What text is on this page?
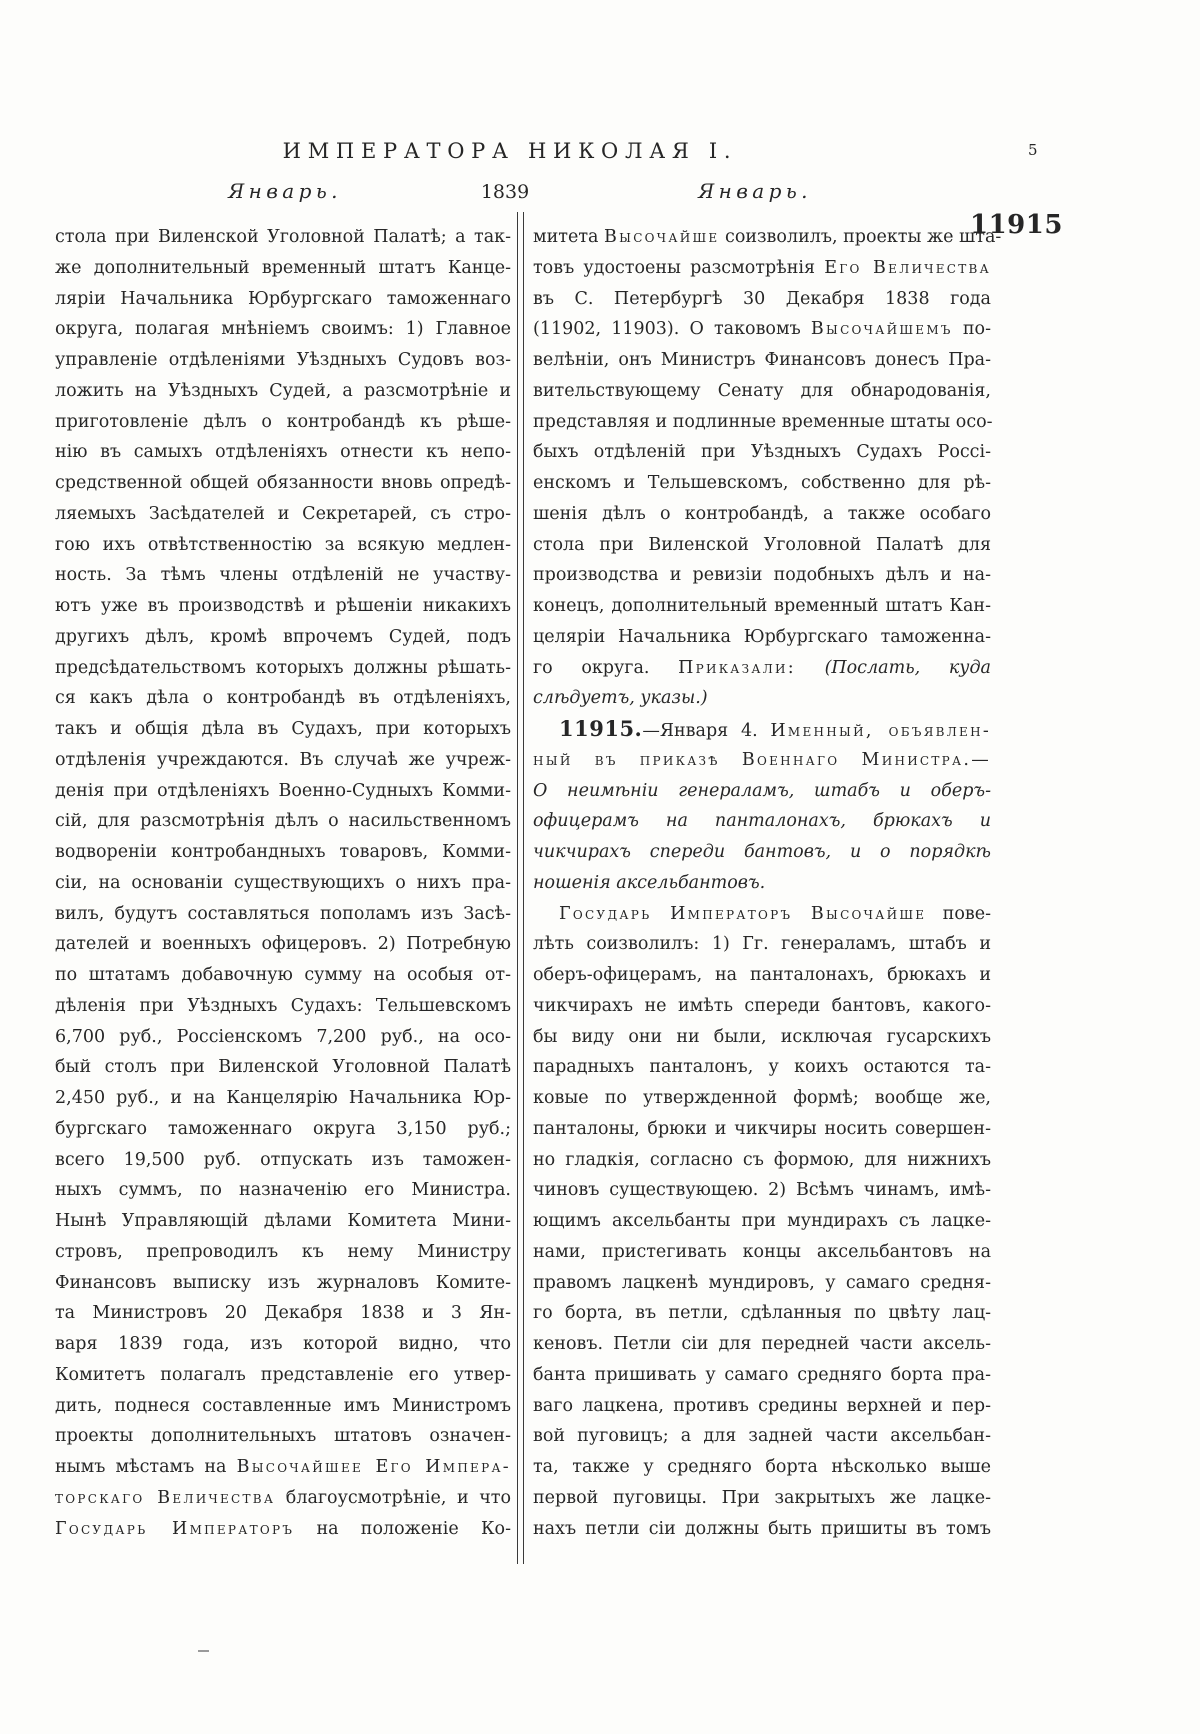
ИМПЕРАТОРА НИКОЛАЯ I.	5
Январь.	1839	Январь.
11915
стола при Виленской Уголовной Палатѣ; а так-
же дополнительный временный штатъ Канце-
ляріи Начальника Юрбургскаго таможеннаго
округа, полагая мнѣніемъ своимъ: 1) Главное
управленіе отдѣленіями Уѣздныхъ Судовъ воз-
ложить на Уѣздныхъ Судей, а разсмотрѣніе и
приготовленіе дѣлъ о контробандѣ къ рѣше-
нію въ самыхъ отдѣленіяхъ отнести къ непо-
средственной общей обязанности вновь опредѣ-
ляемыхъ Засѣдателей и Секретарей, съ стро-
гою ихъ отвѣтственностію за всякую медлен-
ность. За тѣмъ члены отдѣленій не участву-
ютъ уже въ производствѣ и рѣшеніи никакихъ
другихъ дѣлъ, кромѣ впрочемъ Судей, подъ
предсѣдательствомъ которыхъ должны рѣшать-
ся какъ дѣла о контробандѣ въ отдѣленіяхъ,
такъ и общія дѣла въ Судахъ, при которыхъ
отдѣленія учреждаются. Въ случаѣ же учреж-
денія при отдѣленіяхъ Военно-Судныхъ Комми-
сій, для разсмотрѣнія дѣлъ о насильственномъ
водвореніи контробандныхъ товаровъ, Комми-
сіи, на основаніи существующихъ о нихъ пра-
вилъ, будутъ составляться пополамъ изъ Засѣ-
дателей и военныхъ офицеровъ. 2) Потребную
по штатамъ добавочную сумму на особыя от-
дѣленія при Уѣздныхъ Судахъ: Тельшевскомъ
6,700 руб., Россіенскомъ 7,200 руб., на осо-
бый столъ при Виленской Уголовной Палатѣ
2,450 руб., и на Канцелярію Начальника Юр-
бургскаго таможеннаго округа 3,150 руб.;
всего 19,500 руб. отпускать изъ таможен-
ныхъ суммъ, по назначенію его Министра.
Нынѣ Управляющій дѣлами Комитета Мини-
стровъ, препроводилъ къ нему Министру
Финансовъ выписку изъ журналовъ Комите-
та Министровъ 20 Декабря 1838 и 3 Ян-
варя 1839 года, изъ которой видно, что
Комитетъ полагалъ представленіе его утвер-
дить, поднеся составленные имъ Министромъ
проекты дополнительныхъ штатовъ означен-
нымъ мѣстамъ на Высочайшее Его Импера-
торскаго Величества благоусмотрѣніе, и что
Государь Императоръ на положеніе Ко-
митета Высочайше соизволилъ, проекты же шта-
товъ удостоены разсмотрѣнія Его Величества
въ С. Петербургѣ 30 Декабря 1838 года
(11902, 11903). О таковомъ Высочайшемъ по-
велѣніи, онъ Министръ Финансовъ донесъ Пра-
вительствующему Сенату для обнародованія,
представляя и подлинные временные штаты осо-
быхъ отдѣленій при Уѣздныхъ Судахъ Россі-
енскомъ и Тельшевскомъ, собственно для рѣ-
шенія дѣлъ о контробандѣ, а также особаго
стола при Виленской Уголовной Палатѣ для
производства и ревизіи подобныхъ дѣлъ и на-
конецъ, дополнительный временный штатъ Кан-
целяріи Начальника Юрбургскаго таможенна-
го округа. Приказали: (Послать, куда
слѣдуетъ, указы.)
11915.—Января 4. Именный, объявлен-
ный въ приказѣ Военнаго Министра.—
О неимѣніи генераламъ, штабъ и оберъ-
офицерамъ на панталонахъ, брюкахъ и
чикчирахъ спереди бантовъ, и о порядкѣ
ношенія аксельбантовъ.
Государь Императоръ Высочайше пове-
лѣть соизволилъ: 1) Гг. генераламъ, штабъ и
оберъ-офицерамъ, на панталонахъ, брюкахъ и
чикчирахъ не имѣть спереди бантовъ, какого-
бы виду они ни были, исключая гусарскихъ
парадныхъ панталонъ, у коихъ остаются та-
ковые по утвержденной формѣ; вообще же,
панталоны, брюки и чикчиры носить совершен-
но гладкія, согласно съ формою, для нижнихъ
чиновъ существующею. 2) Всѣмъ чинамъ, имѣ-
ющимъ аксельбанты при мундирахъ съ лацке-
нами, пристегивать концы аксельбантовъ на
правомъ лацкенѣ мундировъ, у самаго средня-
го борта, въ петли, сдѣланныя по цвѣту лац-
кеновъ. Петли сіи для передней части аксель-
банта пришивать у самаго средняго борта пра-
ваго лацкена, противъ средины верхней и пер-
вой пуговицъ; а для задней части аксельбан-
та, также у средняго борта нѣсколько выше
первой пуговицы. При закрытыхъ же лацке-
нахъ петли сіи должны быть пришиты въ томъ
